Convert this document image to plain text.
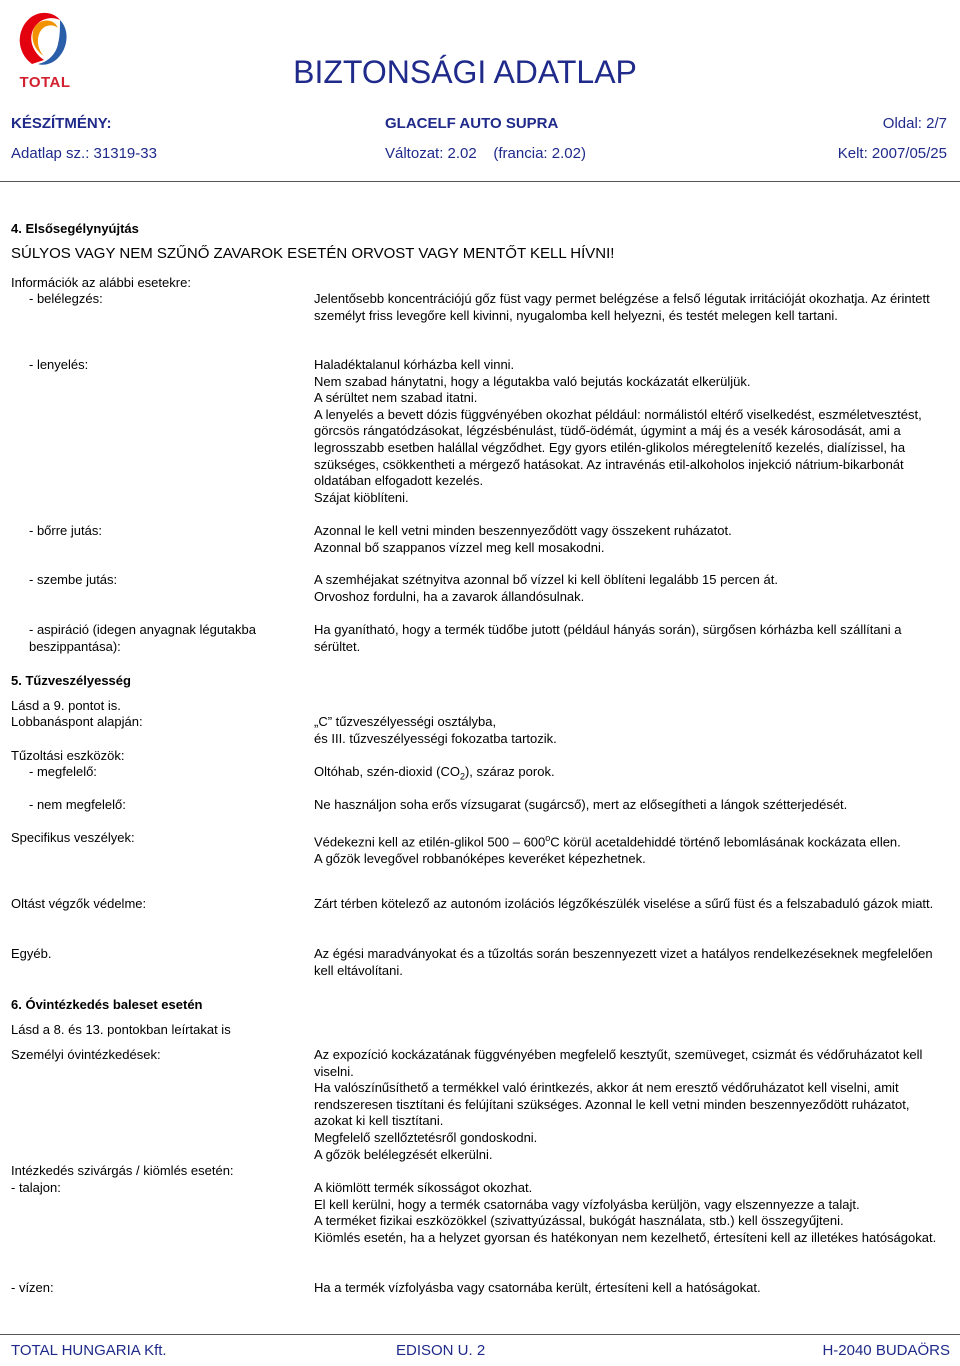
TOTAL	BIZTONSÁGI ADATLAP
KÉSZÍTMÉNY:	GLACELF AUTO SUPRA	Oldal: 2/7
Adatlap sz.: 31319-33	Változat: 2.02    (francia: 2.02)	Kelt: 2007/05/25
4. Elsősegélynyújtás
SÚLYOS VAGY NEM SZŰNŐ ZAVAROK ESETÉN ORVOST VAGY MENTŐT KELL HÍVNI!
Információk az alábbi esetekre:
- belélegzés:	Jelentősebb koncentrációjú gőz füst vagy permet belégzése a felső légutak irritációját okozhatja. Az érintett személyt friss levegőre kell kivinni, nyugalomba kell helyezni, és testét melegen kell tartani.

- lenyelés:	Haladéktalanul kórházba kell vinni.

Nem szabad hánytatni, hogy a légutakba való bejutás kockázatát elkerüljük.

A sérültet nem szabad itatni.

A lenyelés a bevett dózis függvényében okozhat például: normálistól eltérő viselkedést, eszméletvesztést, görcsös rángatódzásokat, légzésbénulást, tüdő-ödémát, úgymint a máj és a vesék károsodását, ami a legrosszabb esetben halállal végződhet. Egy gyors etilén-glikolos méregtelenítő kezelés, dialízissel, ha szükséges, csökkentheti a mérgező hatásokat. Az intravénás etil-alkoholos injekció nátrium-bikarbonát oldatában elfogadott kezelés.

Szájat kiöblíteni.

- bőrre jutás:	Azonnal le kell vetni minden beszennyeződött vagy összekent ruházatot.

Azonnal bő szappanos vízzel meg kell mosakodni.

- szembe jutás:	A szemhéjakat szétnyitva azonnal bő vízzel ki kell öblíteni legalább 15 percen át.

Orvoshoz fordulni, ha a zavarok állandósulnak.

- aspiráció (idegen anyagnak légutakba beszippantása):

Ha gyanítható, hogy a termék tüdőbe jutott (például hányás során), sürgősen kórházba kell szállítani a sérültet.

5. Tűzveszélyesség
Lásd a 9. pontot is.
Lobbanáspont alapján:	„C” tűzveszélyességi osztályba,

és III. tűzveszélyességi fokozatba tartozik.

Tűzoltási eszközök:
- megfelelő:	Oltóhab, szén-dioxid $(CO_2)$, száraz porok.

- nem megfelelő:	Ne használjon soha erős vízsugarat (sugárcső), mert az elősegítheti a lángok szétterjedését.

Specifikus veszélyek:	Védekezni kell az etilén-glikol 500 – 600$^o$C körül acetaldehiddé történő lebomlásának kockázata ellen.

A gőzök levegővel robbanóképes keveréket képezhetnek.

Oltást végzők védelme:	Zárt térben kötelező az autonóm izolációs légzőkészülék viselése a sűrű füst és a felszabaduló gázok miatt.

Egyéb.	Az égési maradványokat és a tűzoltás során beszennyezett vizet a hatályos rendelkezéseknek megfelelően kell eltávolítani.

6. Óvintézkedés baleset esetén
Lásd a 8. és 13. pontokban leírtakat is
Személyi óvintézkedések:	Az expozíció kockázatának függvényében megfelelő kesztyűt, szemüveget, csizmát és védőruházatot kell viselni.

Ha valószínűsíthető a termékkel való érintkezés, akkor át nem eresztő védőruházatot kell viselni, amit rendszeresen tisztítani és felújítani szükséges. Azonnal le kell vetni minden beszennyeződött ruházatot, azokat ki kell tisztítani.

Megfelelő szellőztetésről gondoskodni.

A gőzök belélegzését elkerülni.

Intézkedés szivárgás / kiömlés esetén:
- talajon:	A kiömlött termék síkosságot okozhat.

El kell kerülni, hogy a termék csatornába vagy vízfolyásba kerüljön, vagy elszennyezze a talajt.

A terméket fizikai eszközökkel (szivattyúzással, bukógát használata, stb.) kell összegyűjteni.

Kiömlés esetén, ha a helyzet gyorsan és hatékonyan nem kezelhető, értesíteni kell az illetékes hatóságokat.

- vízen:	Ha a termék vízfolyásba vagy csatornába került, értesíteni kell a hatóságokat.

TOTAL HUNGARIA Kft.	EDISON U. 2	H-2040 BUDAÖRS
